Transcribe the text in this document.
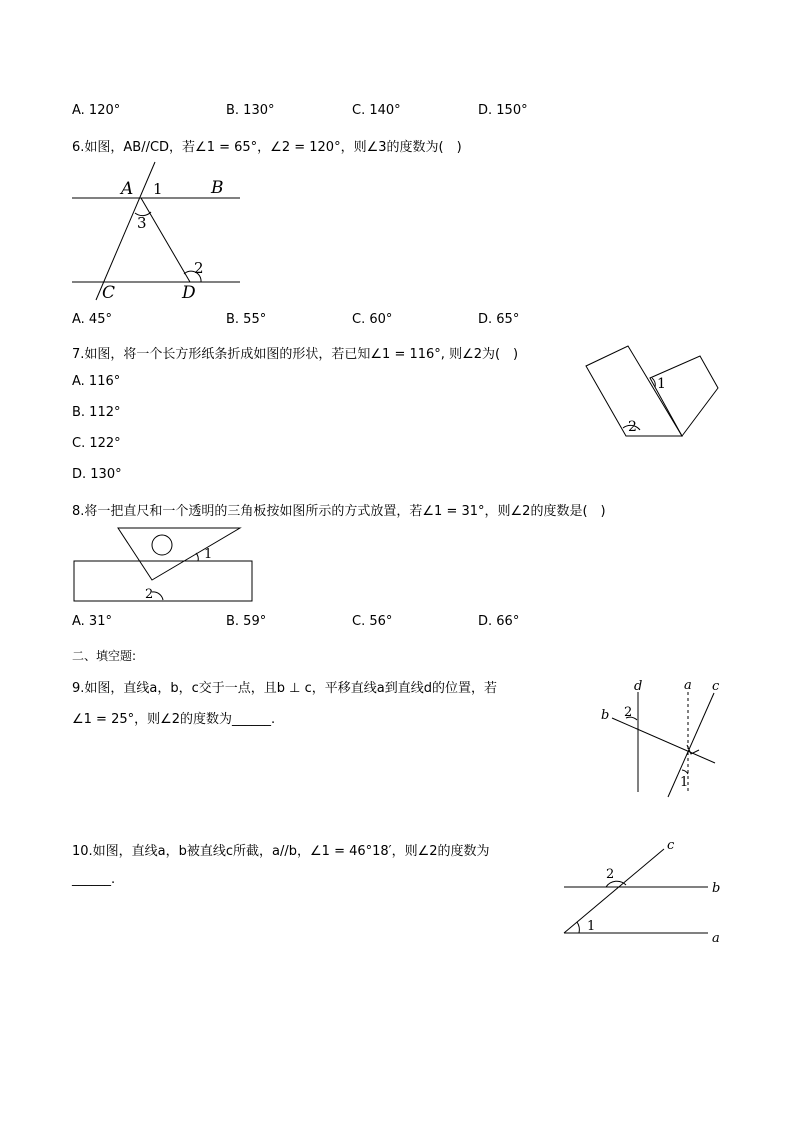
A. 120°	B. 130°	C. 140°	D. 150°
6.如图，AB//CD，若∠1 = 65°，∠2 = 120°，则∠3的度数为(　)
A 1	B
3
2
C	D
A. 45°	B. 55°	C. 60°	D. 65°
7.如图，将一个长方形纸条折成如图的形状，若已知∠1 = 116°, 则∠2为(　)
A. 116°
B. 112°
C. 122°
D. 130°
1
2
8.将一把直尺和一个透明的三角板按如图所示的方式放置，若∠1 = 31°，则∠2的度数是(　)
1
2
A. 31°	B. 59°	C. 56°	D. 66°
二、填空题:
9.如图，直线a，b，c交于一点，且b ⊥ c，平移直线a到直线d的位置，若
∠1 = 25°，则∠2的度数为______.
d	a c
b 2
1
10.如图，直线a，b被直线c所截，a//b，∠1 = 46°18′，则∠2的度数为
______.
c
b
a
2
1
